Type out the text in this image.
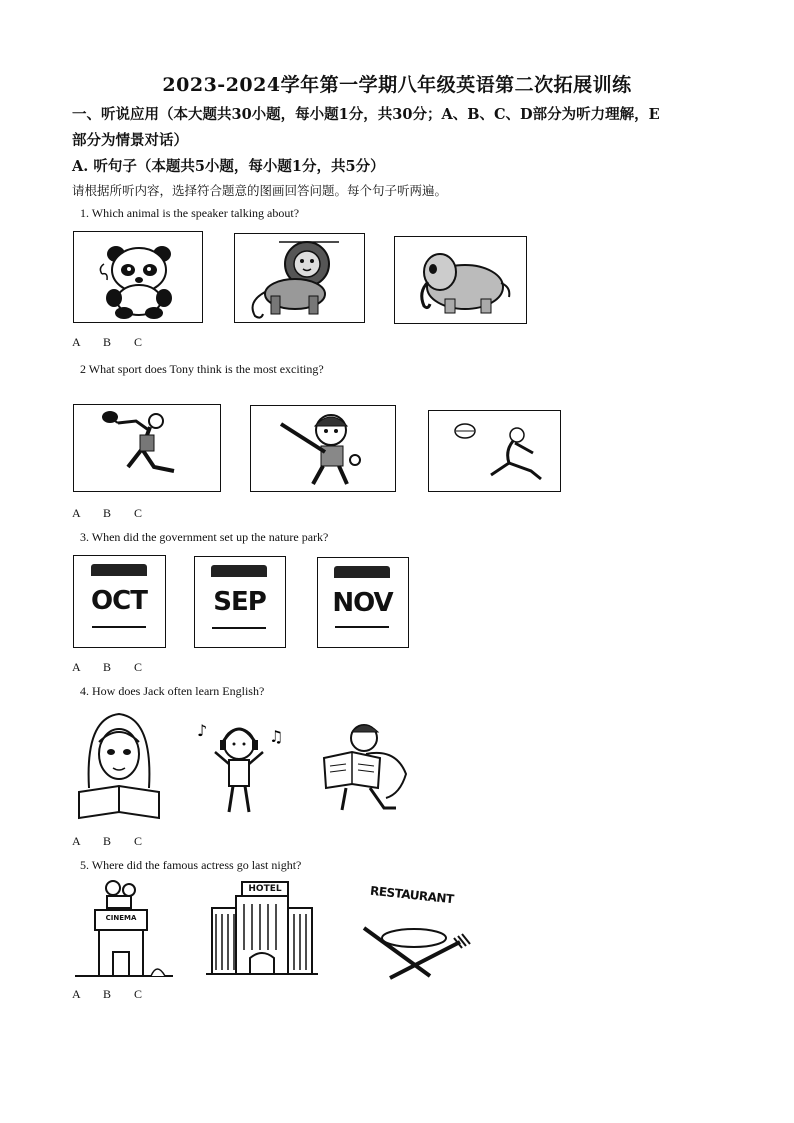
2023-2024学年第一学期八年级英语第二次拓展训练
一、听说应用（本大题共30小题，每小题1分，共30分；A、B、C、D部分为听力理解，E
部分为情景对话）
A. 听句子（本题共5小题，每小题1分，共5分）
请根据所听内容，选择符合题意的图画回答问题。每个句子听两遍。
1. Which animal is the speaker talking about?
A B C
2 What sport does Tony think is the most exciting?
A B C
3. When did the government set up the nature park?
OCT	SEP	NOV
A B C
4. How does Jack often learn English?
♪	♫
A B C
5. Where did the famous actress go last night?
CINEMA
HOTEL	RESTAURANT
A B C
